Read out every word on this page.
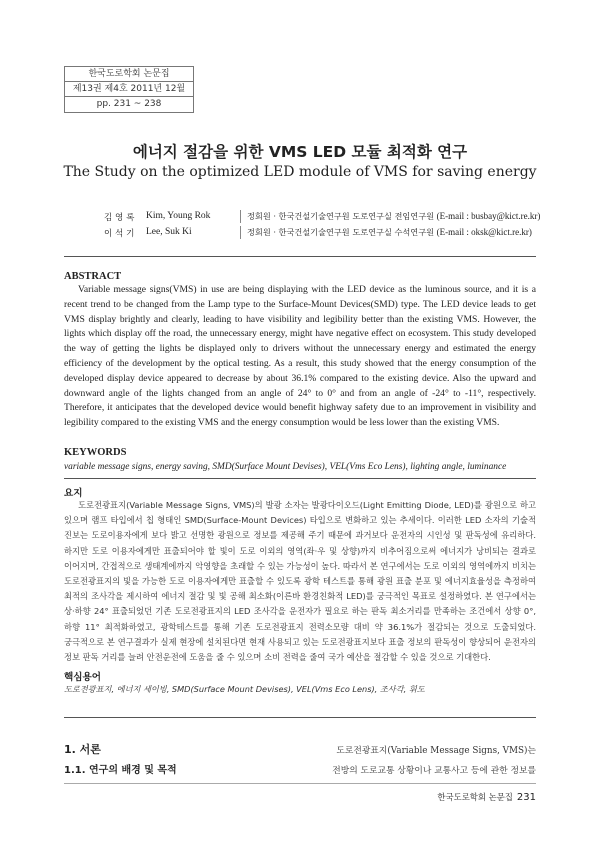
한국도로학회 논문집
제13권 제4호 2011년 12월
pp. 231 ~ 238
에너지 절감을 위한 VMS LED 모듈 최적화 연구
The Study on the optimized LED module of VMS for saving energy
김 영 록	Kim, Young Rok	정회원 · 한국건설기술연구원 도로연구실 전임연구원 (E-mail : busbay@kict.re.kr)
이 석 기	Lee, Suk Ki	정회원 · 한국건설기술연구원 도로연구실 수석연구원 (E-mail : oksk@kict.re.kr)
ABSTRACT
Variable message signs(VMS) in use are being displaying with the LED device as the luminous source, and it is a recent trend to be changed from the Lamp type to the Surface-Mount Devices(SMD) type. The LED device leads to get VMS display brightly and clearly, leading to have visibility and legibility better than the existing VMS. However, the lights which display off the road, the unnecessary energy, might have negative effect on ecosystem. This study developed the way of getting the lights be displayed only to drivers without the unnecessary energy and estimated the energy efficiency of the development by the optical testing. As a result, this study showed that the energy consumption of the developed display device appeared to decrease by about 36.1% compared to the existing device. Also the upward and downward angle of the lights changed from an angle of 24° to 0° and from an angle of -24° to -11°, respectively. Therefore, it anticipates that the developed device would benefit highway safety due to an improvement in visibility and legibility compared to the existing VMS and the energy consumption would be less lower than the existing VMS.
KEYWORDS
variable message signs, energy saving, SMD(Surface Mount Devises), VEL(Vms Eco Lens), lighting angle, luminance
요지
도로전광표지(Variable Message Signs, VMS)의 발광 소자는 발광다이오드(Light Emitting Diode, LED)를 광원으로 하고 있으며 램프 타입에서 칩 형태인 SMD(Surface-Mount Devices) 타입으로 변화하고 있는 추세이다. 이러한 LED 소자의 기술적 진보는 도로이용자에게 보다 밝고 선명한 광원으로 정보를 제공해 주기 때문에 과거보다 운전자의 시인성 및 판독성에 유리하다. 하지만 도로 이용자에게만 표출되어야 할 빛이 도로 이외의 영역(좌·우 및 상향)까지 비추어짐으로써 에너지가 낭비되는 결과로 이어지며, 간접적으로 생태계에까지 악영향을 초래할 수 있는 가능성이 높다. 따라서 본 연구에서는 도로 이외의 영역에까지 비치는 도로전광표지의 빛을 가능한 도로 이용자에게만 표출할 수 있도록 광학 테스트를 통해 광원 표출 분포 및 에너지효율성을 측정하여 최적의 조사각을 제시하여 에너지 절감 및 빛 공해 최소화(이른바 환경친화적 LED)를 궁극적인 목표로 설정하였다. 본 연구에서는 상·하향 24° 표출되었던 기존 도로전광표지의 LED 조사각을 운전자가 필요로 하는 판독 최소거리를 만족하는 조건에서 상향 0°, 하향 11° 최적화하였고, 광학테스트를 통해 기존 도로전광표지 전력소모량 대비 약 36.1%가 절감되는 것으로 도출되었다. 궁극적으로 본 연구결과가 실제 현장에 설치된다면 현재 사용되고 있는 도로전광표지보다 표출 정보의 판독성이 향상되어 운전자의 정보 판독 거리를 늘려 안전운전에 도움을 줄 수 있으며 소비 전력을 줄여 국가 예산을 절감할 수 있을 것으로 기대한다.
핵심용어
도로전광표지, 에너지 세이빙, SMD(Surface Mount Devises), VEL(Vms Eco Lens), 조사각, 휘도
1. 서론
1.1. 연구의 배경 및 목적
도로전광표지(Variable Message Signs, VMS)는
전방의 도로교통 상황이나 교통사고 등에 관한 정보를
한국도로학회 논문집 231
